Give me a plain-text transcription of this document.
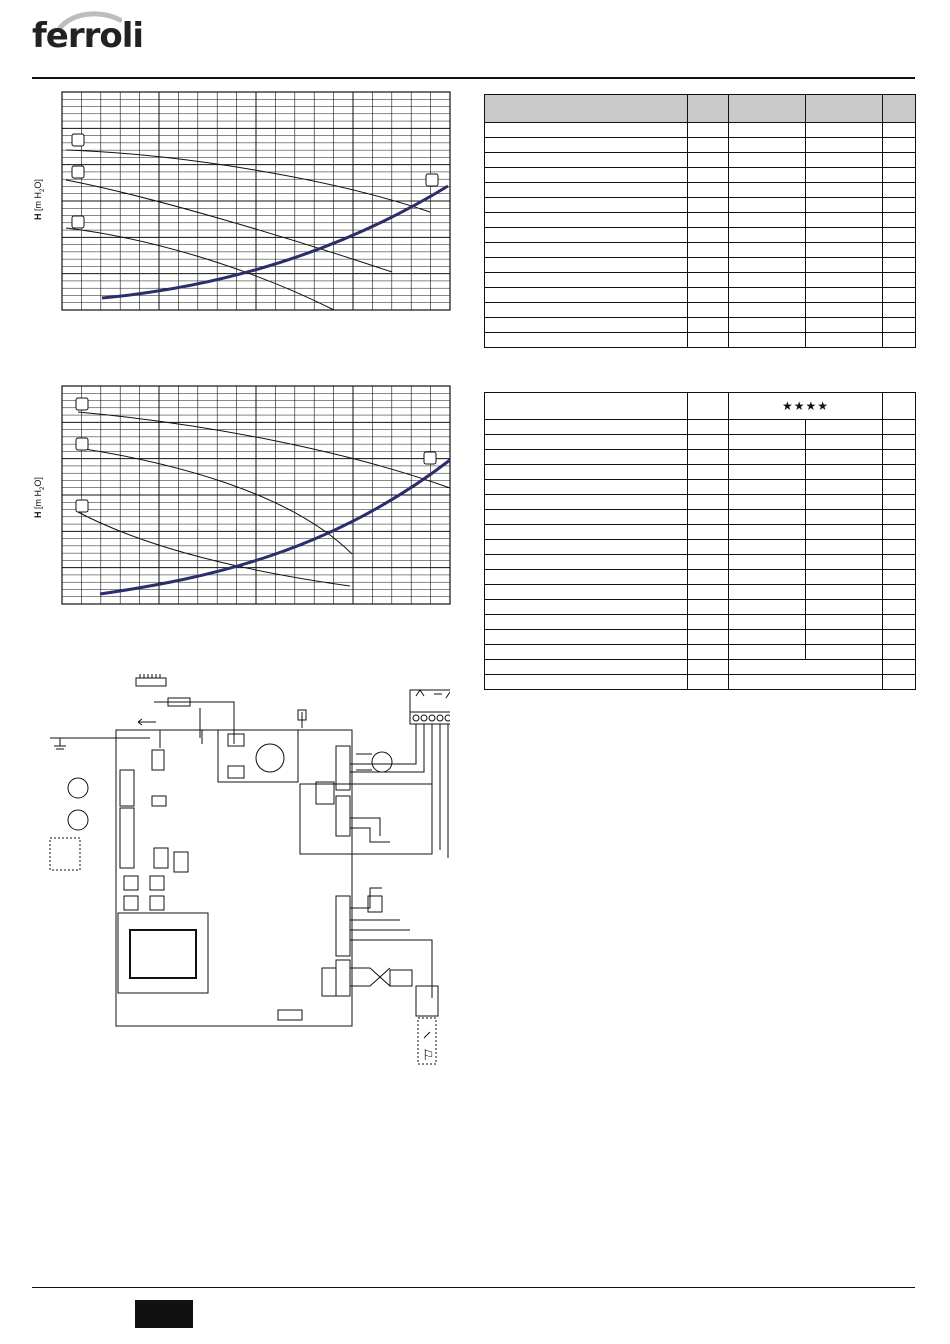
ferroli
H [m $H_2O$]
H [m $H_2O$]
⚐

		★★★★		
